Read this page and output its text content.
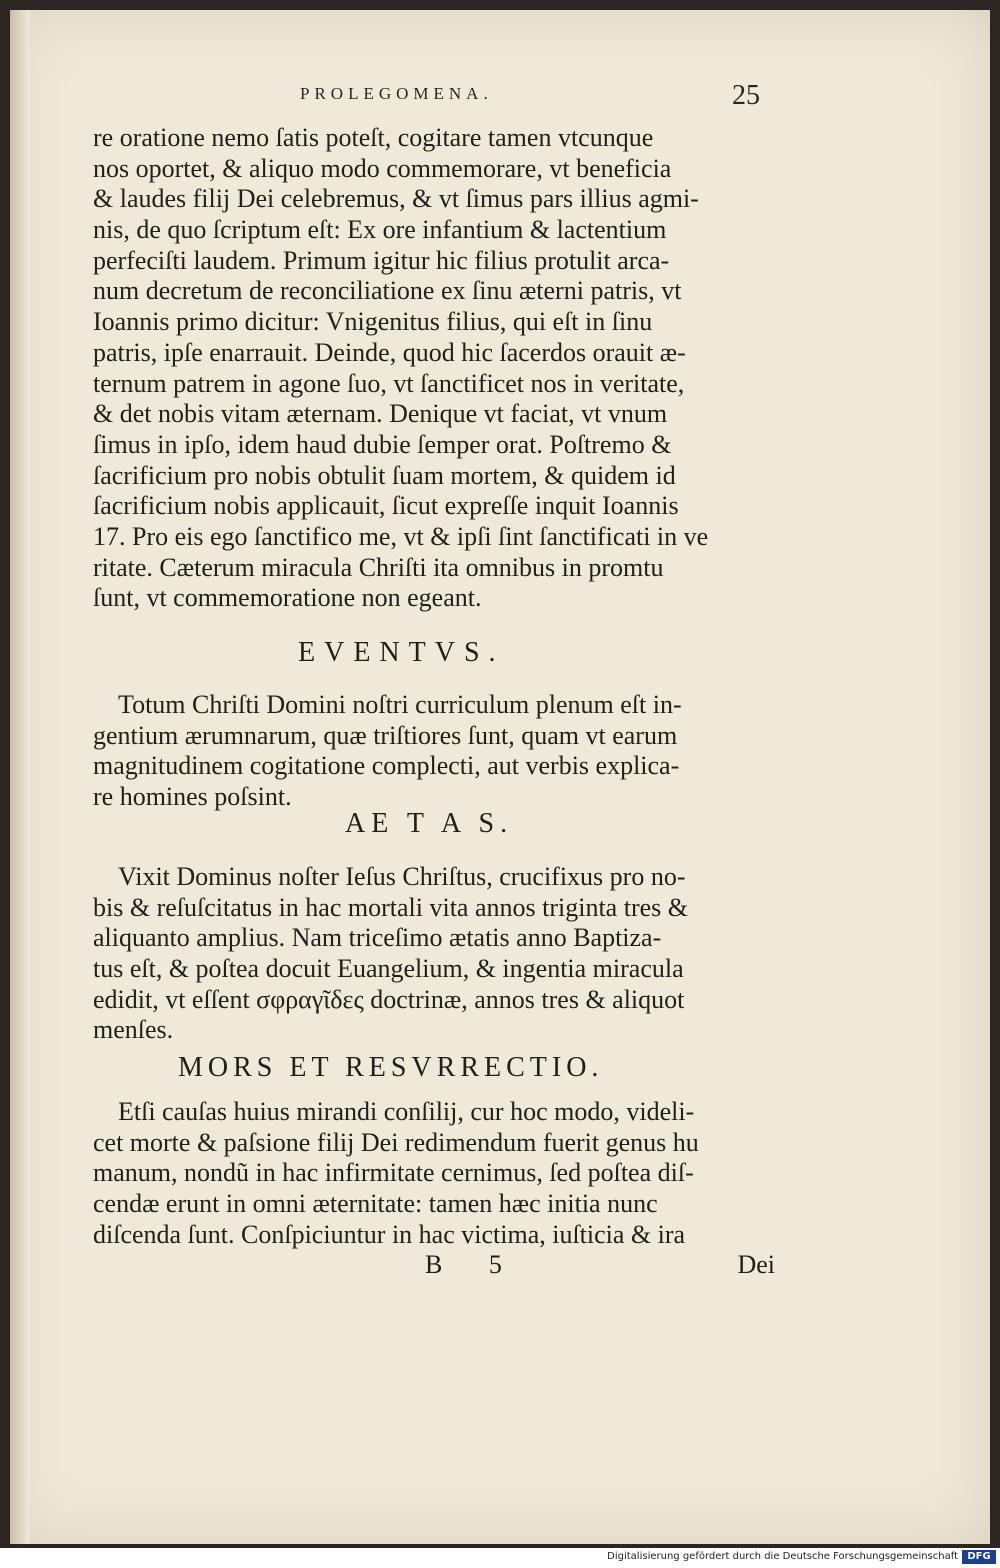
PROLEGOMENA.	25
re oratione nemo ſatis poteſt, cogitare tamen vtcunque
nos oportet, & aliquo modo commemorare, vt beneficia
& laudes filij Dei celebremus, & vt ſimus pars illius agmi-
nis, de quo ſcriptum eſt: Ex ore infantium & lactentium
perfeciſti laudem. Primum igitur hic filius protulit arca-
num decretum de reconciliatione ex ſinu æterni patris, vt
Ioannis primo dicitur: Vnigenitus filius, qui eſt in ſinu
patris, ipſe enarrauit. Deinde, quod hic ſacerdos orauit æ-
ternum patrem in agone ſuo, vt ſanctificet nos in veritate,
& det nobis vitam æternam. Denique vt faciat, vt vnum
ſimus in ipſo, idem haud dubie ſemper orat. Poſtremo &
ſacrificium pro nobis obtulit ſuam mortem, & quidem id
ſacrificium nobis applicauit, ſicut expreſſe inquit Ioannis
17. Pro eis ego ſanctifico me, vt & ipſi ſint ſanctificati in ve
ritate. Cæterum miracula Chriſti ita omnibus in promtu
ſunt, vt commemoratione non egeant.
EVENTVS.
Totum Chriſti Domini noſtri curriculum plenum eſt in-
gentium ærumnarum, quæ triſtiores ſunt, quam vt earum
magnitudinem cogitatione complecti, aut verbis explica-
re homines poſsint.
AE T A S.
Vixit Dominus noſter Ieſus Chriſtus, crucifixus pro no-
bis & reſuſcitatus in hac mortali vita annos triginta tres &
aliquanto amplius. Nam triceſimo ætatis anno Baptiza-
tus eſt, & poſtea docuit Euangelium, & ingentia miracula
edidit, vt eſſent σφραγῖδες doctrinæ, annos tres & aliquot
menſes.
MORS ET RESVRRECTIO.
Etſi cauſas huius mirandi conſilij, cur hoc modo, videli-
cet morte & paſsione filij Dei redimendum fuerit genus hu
manum, nondũ in hac infirmitate cernimus, ſed poſtea diſ-
cendæ erunt in omni æternitate: tamen hæc initia nunc
diſcenda ſunt. Conſpiciuntur in hac victima, iuſticia & ira
B 5	Dei
Digitalisierung gefördert durch die Deutsche Forschungsgemeinschaft DFG
